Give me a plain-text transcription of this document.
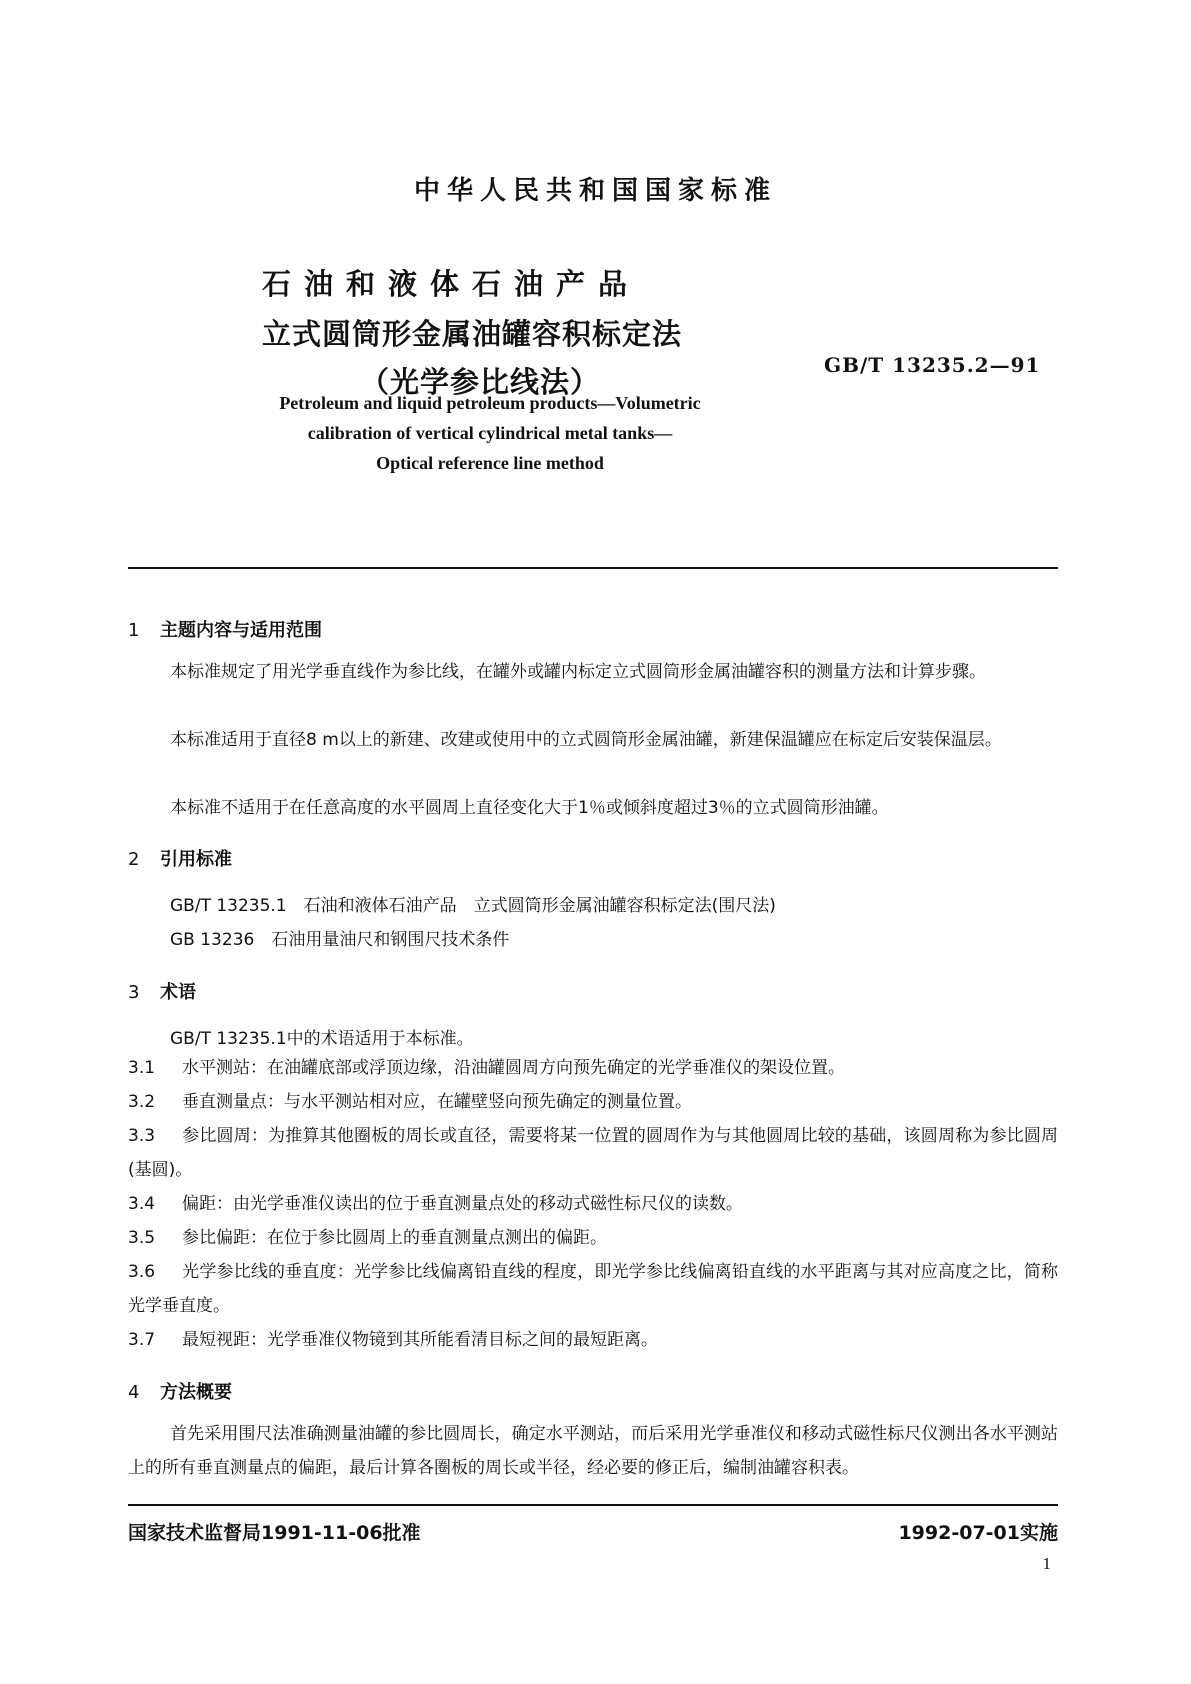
中华人民共和国国家标准
石油和液体石油产品
立式圆筒形金属油罐容积标定法
（光学参比线法）	GB/T 13235.2—91
Petroleum and liquid petroleum products—Volumetric
calibration of vertical cylindrical metal tanks—
Optical reference line method
1 主题内容与适用范围
本标准规定了用光学垂直线作为参比线，在罐外或罐内标定立式圆筒形金属油罐容积的测量方法和计算步骤。
本标准适用于直径8 m以上的新建、改建或使用中的立式圆筒形金属油罐，新建保温罐应在标定后安装保温层。
本标准不适用于在任意高度的水平圆周上直径变化大于1％或倾斜度超过3％的立式圆筒形油罐。
2 引用标准
GB/T 13235.1　石油和液体石油产品　立式圆筒形金属油罐容积标定法(围尺法)
GB 13236　石油用量油尺和钢围尺技术条件
3 术语
GB/T 13235.1中的术语适用于本标准。
3.1 水平测站：在油罐底部或浮顶边缘，沿油罐圆周方向预先确定的光学垂准仪的架设位置。
3.2 垂直测量点：与水平测站相对应，在罐壁竖向预先确定的测量位置。
3.3 参比圆周：为推算其他圈板的周长或直径，需要将某一位置的圆周作为与其他圆周比较的基础，该圆周称为参比圆周(基圆)。
3.4 偏距：由光学垂准仪读出的位于垂直测量点处的移动式磁性标尺仪的读数。
3.5 参比偏距：在位于参比圆周上的垂直测量点测出的偏距。
3.6 光学参比线的垂直度：光学参比线偏离铅直线的程度，即光学参比线偏离铅直线的水平距离与其对应高度之比，简称光学垂直度。
3.7 最短视距：光学垂准仪物镜到其所能看清目标之间的最短距离。
4 方法概要
首先采用围尺法准确测量油罐的参比圆周长，确定水平测站，而后采用光学垂准仪和移动式磁性标尺仪测出各水平测站上的所有垂直测量点的偏距，最后计算各圈板的周长或半径，经必要的修正后，编制油罐容积表。
国家技术监督局1991-11-06批准	1992-07-01实施
1
